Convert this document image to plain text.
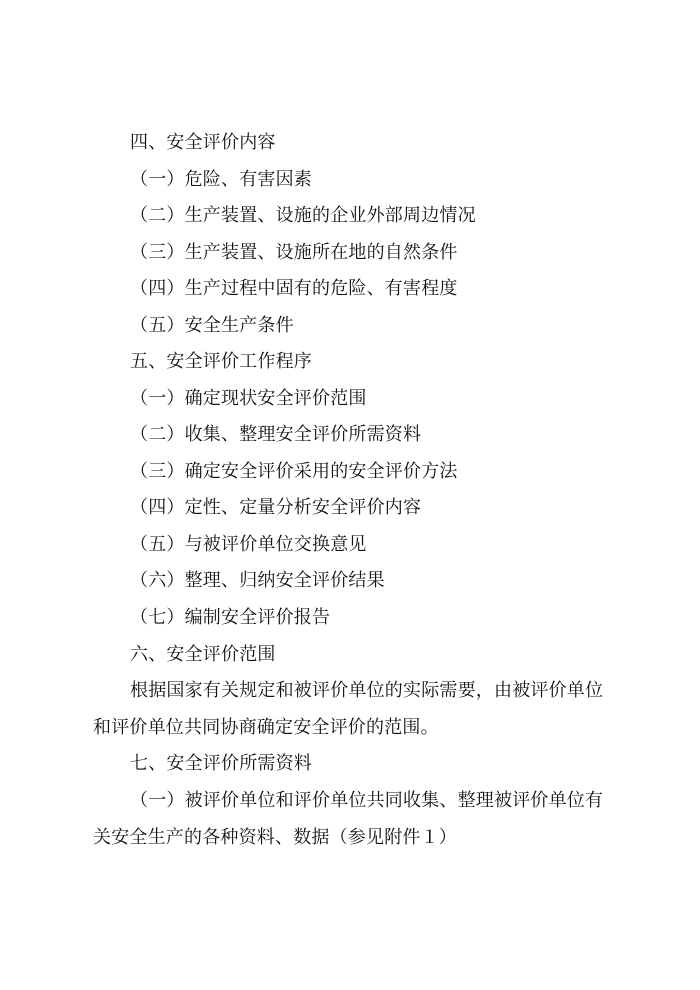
四、安全评价内容
（一）危险、有害因素
（二）生产装置、设施的企业外部周边情况
（三）生产装置、设施所在地的自然条件
（四）生产过程中固有的危险、有害程度
（五）安全生产条件
五、安全评价工作程序
（一）确定现状安全评价范围
（二）收集、整理安全评价所需资料
（三）确定安全评价采用的安全评价方法
（四）定性、定量分析安全评价内容
（五）与被评价单位交换意见
（六）整理、归纳安全评价结果
（七）编制安全评价报告
六、安全评价范围
根据国家有关规定和被评价单位的实际需要，由被评价单位
和评价单位共同协商确定安全评价的范围。
七、安全评价所需资料
（一）被评价单位和评价单位共同收集、整理被评价单位有
关安全生产的各种资料、数据（参见附件１）
